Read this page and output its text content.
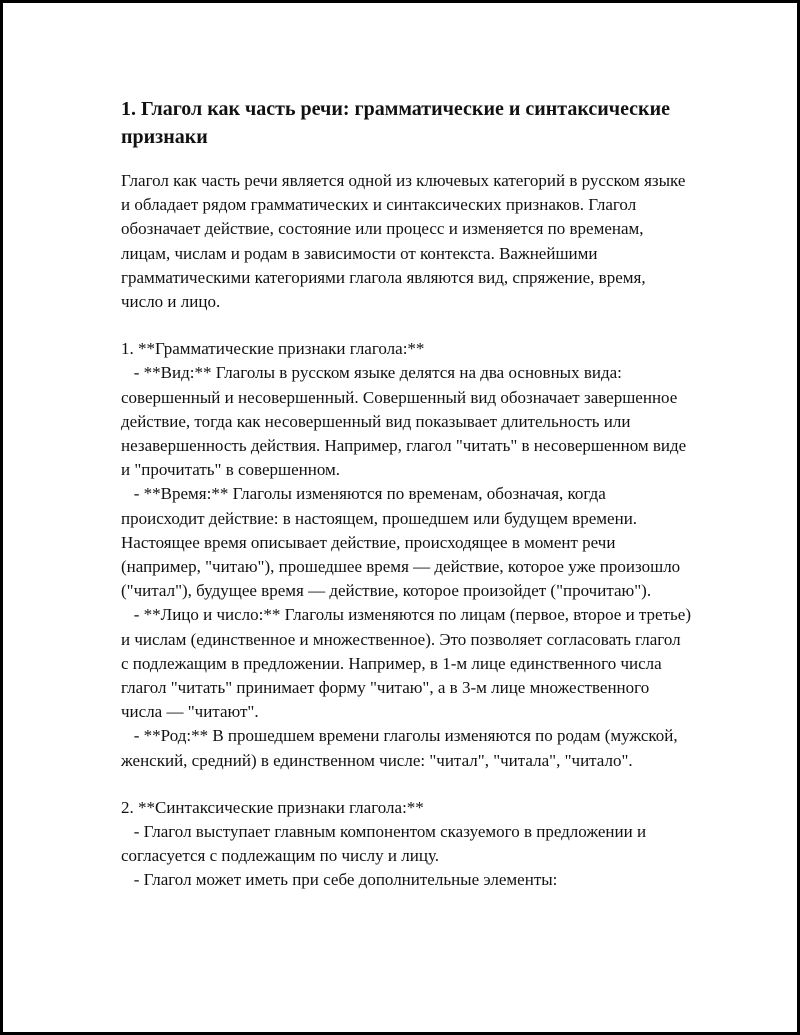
1. Глагол как часть речи: грамматические и синтаксические признаки

Глагол как часть речи является одной из ключевых категорий в русском языке и обладает рядом грамматических и синтаксических признаков. Глагол обозначает действие, состояние или процесс и изменяется по временам, лицам, числам и родам в зависимости от контекста. Важнейшими грамматическими категориями глагола являются вид, спряжение, время, число и лицо.

1. **Грамматические признаки глагола:**
- **Вид:** Глаголы в русском языке делятся на два основных вида: совершенный и несовершенный. Совершенный вид обозначает завершенное действие, тогда как несовершенный вид показывает длительность или незавершенность действия. Например, глагол "читать" в несовершенном виде и "прочитать" в совершенном.
- **Время:** Глаголы изменяются по временам, обозначая, когда происходит действие: в настоящем, прошедшем или будущем времени. Настоящее время описывает действие, происходящее в момент речи (например, "читаю"), прошедшее время — действие, которое уже произошло ("читал"), будущее время — действие, которое произойдет ("прочитаю").
- **Лицо и число:** Глаголы изменяются по лицам (первое, второе и третье) и числам (единственное и множественное). Это позволяет согласовать глагол с подлежащим в предложении. Например, в 1-м лице единственного числа глагол "читать" принимает форму "читаю", а в 3-м лице множественного числа — "читают".
- **Род:** В прошедшем времени глаголы изменяются по родам (мужской, женский, средний) в единственном числе: "читал", "читала", "читало".
2. **Синтаксические признаки глагола:**
- Глагол выступает главным компонентом сказуемого в предложении и согласуется с подлежащим по числу и лицу.
- Глагол может иметь при себе дополнительные элементы:
